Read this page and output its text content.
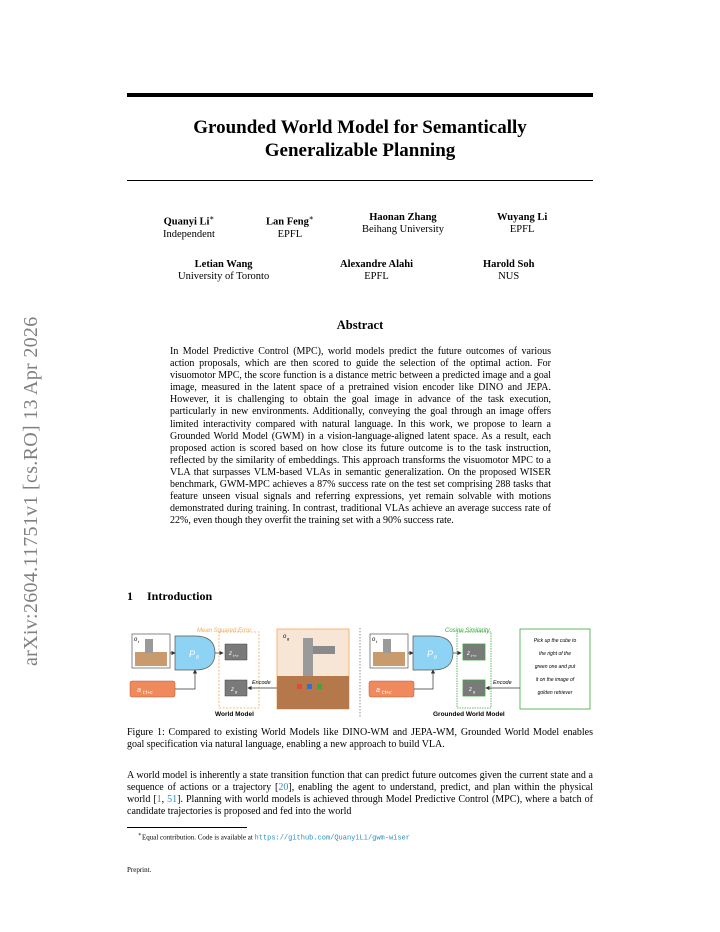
arXiv:2604.11751v1 [cs.RO] 13 Apr 2026
Grounded World Model for Semantically
Generalizable Planning
Quanyi Li∗
Independent
Lan Feng∗
EPFL
Haonan Zhang
Beihang University
Wuyang Li
EPFL
Letian Wang
University of Toronto
Alexandre Alahi
EPFL
Harold Soh
NUS
Abstract
In Model Predictive Control (MPC), world models predict the future outcomes of various action proposals, which are then scored to guide the selection of the optimal action. For visuomotor MPC, the score function is a distance metric between a predicted image and a goal image, measured in the latent space of a pretrained vision encoder like DINO and JEPA. However, it is challenging to obtain the goal image in advance of the task execution, particularly in new environments. Additionally, conveying the goal through an image offers limited interactivity compared with natural language. In this work, we propose to learn a Grounded World Model (GWM) in a vision-language-aligned latent space. As a result, each proposed action is scored based on how close its future outcome is to the task instruction, reflected by the similarity of embeddings. This approach transforms the visuomotor MPC to a VLA that surpasses VLM-based VLAs in semantic generalization. On the proposed WISER benchmark, GWM-MPC achieves a 87% success rate on the test set comprising 288 tasks that feature unseen visual signals and referring expressions, yet remain solvable with motions demonstrated during training. In contrast, traditional VLAs achieve an average success rate of 22%, even though they overfit the training set with a 90% success rate.
1 Introduction
o t
P θ
a t:t+c
Mean Squared Error
z t+c
z g
o g
Encode
World Model
o t
P θ
a t:t+c
Cosine Similarity
z t+c
z g
Pick up the cube to
the right of the
green one and put
it on the image of
golden retriever
Encode
Grounded World Model
Figure 1: Compared to existing World Models like DINO-WM and JEPA-WM, Grounded World Model enables goal specification via natural language, enabling a new approach to build VLA.
A world model is inherently a state transition function that can predict future outcomes given the current state and a sequence of actions or a trajectory [20], enabling the agent to understand, predict, and plan within the physical world [1, 51]. Planning with world models is achieved through Model Predictive Control (MPC), where a batch of candidate trajectories is proposed and fed into the world
∗Equal contribution. Code is available at https://github.com/QuanyiLi/gwm-wiser
Preprint.
